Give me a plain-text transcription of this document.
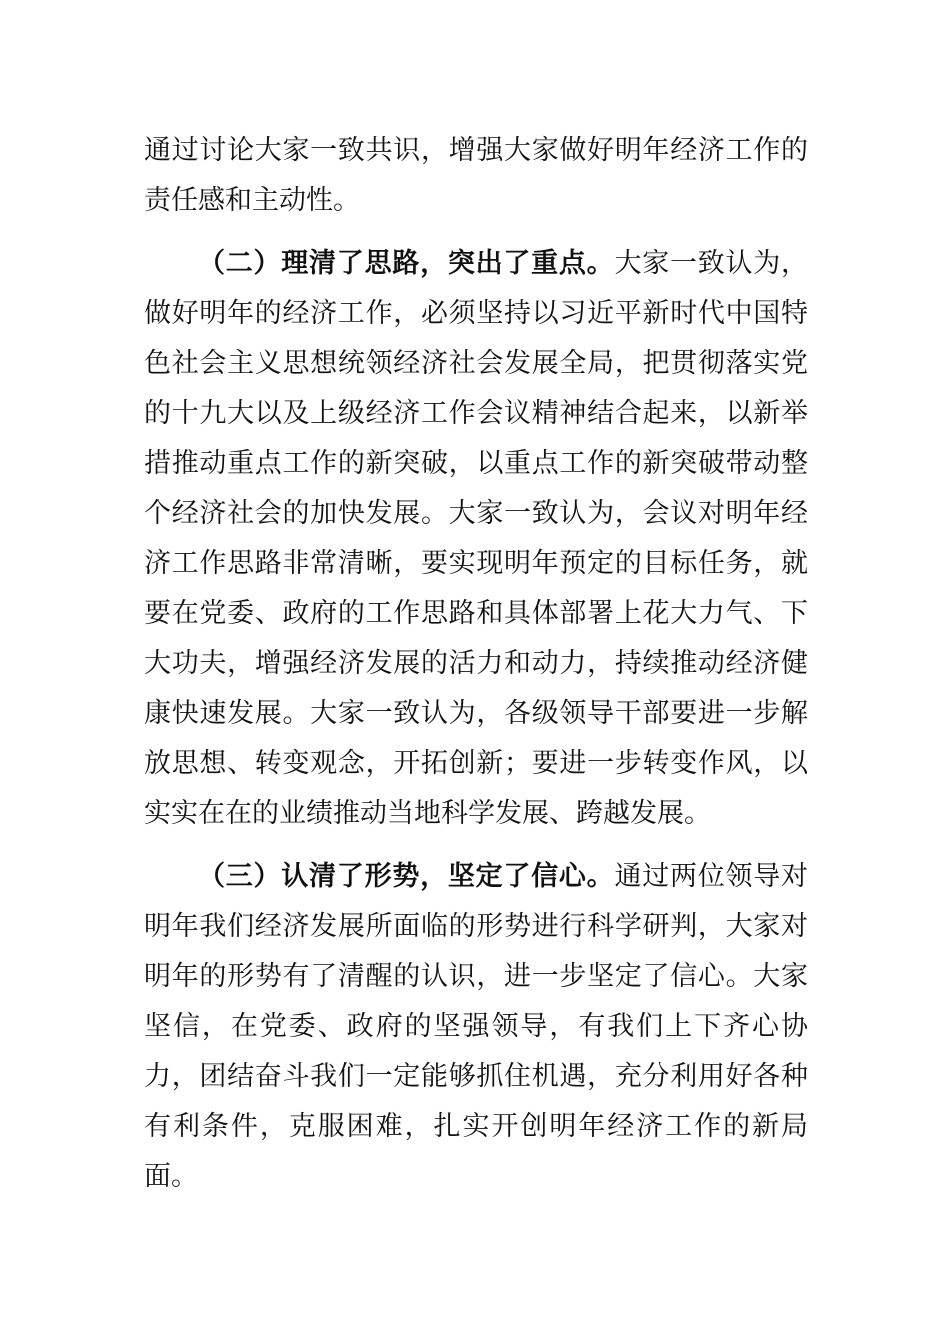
通过讨论大家一致共识，增强大家做好明年经济工作的责任感和主动性。

（二）理清了思路，突出了重点。大家一致认为，做好明年的经济工作，必须坚持以习近平新时代中国特色社会主义思想统领经济社会发展全局，把贯彻落实党的十九大以及上级经济工作会议精神结合起来，以新举措推动重点工作的新突破，以重点工作的新突破带动整个经济社会的加快发展。大家一致认为，会议对明年经济工作思路非常清晰，要实现明年预定的目标任务，就要在党委、政府的工作思路和具体部署上花大力气、下大功夫，增强经济发展的活力和动力，持续推动经济健康快速发展。大家一致认为，各级领导干部要进一步解放思想、转变观念，开拓创新；要进一步转变作风，以实实在在的业绩推动当地科学发展、跨越发展。

（三）认清了形势，坚定了信心。通过两位领导对明年我们经济发展所面临的形势进行科学研判，大家对明年的形势有了清醒的认识，进一步坚定了信心。大家坚信，在党委、政府的坚强领导，有我们上下齐心协力，团结奋斗我们一定能够抓住机遇，充分利用好各种有利条件，克服困难，扎实开创明年经济工作的新局面。
